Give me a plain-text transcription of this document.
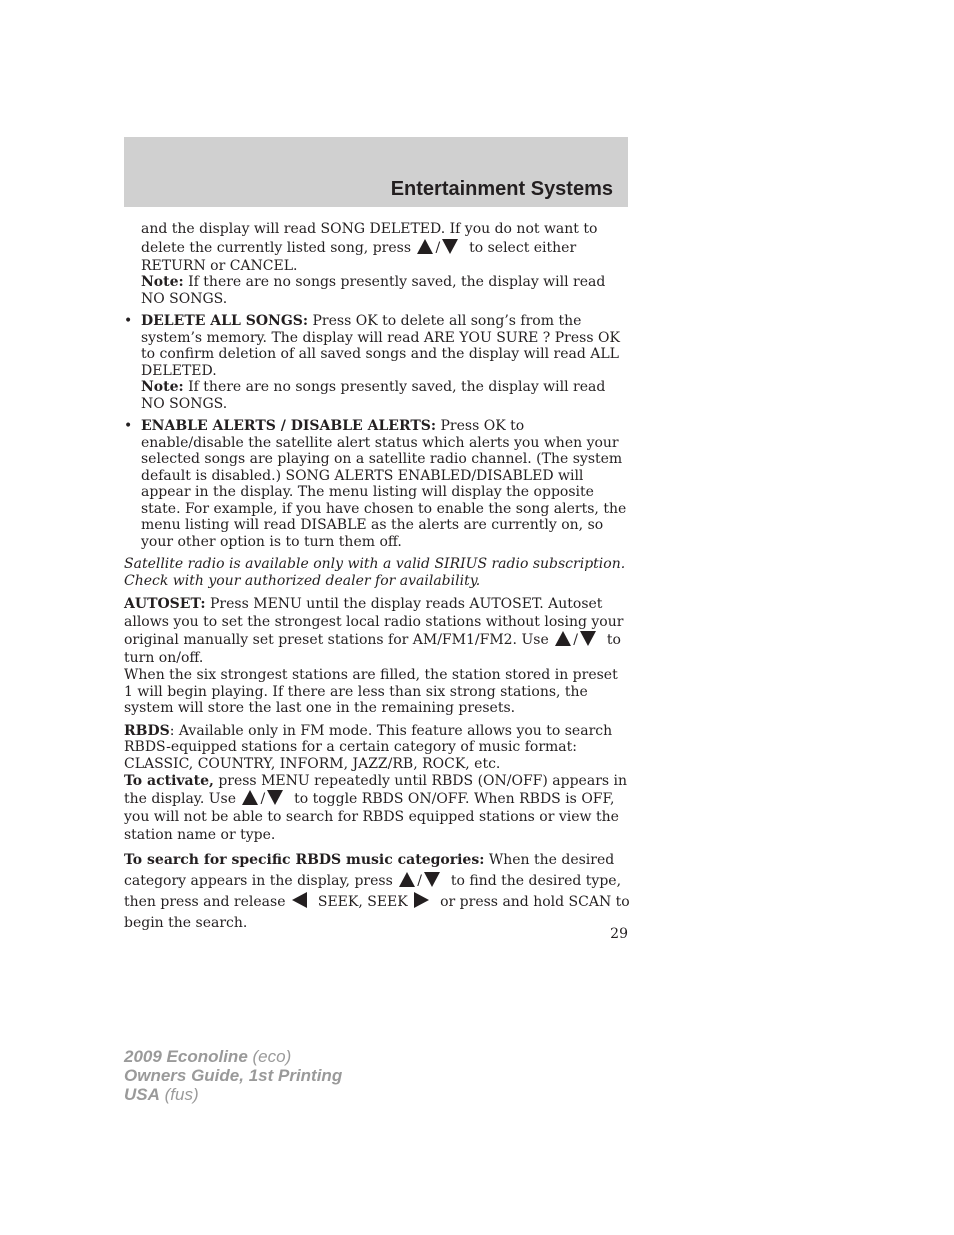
Entertainment Systems

and the display will read SONG DELETED. If you do not want to

delete the currently listed song, press / to select either

RETURN or CANCEL.

Note: If there are no songs presently saved, the display will read NO SONGS.

• DELETE ALL SONGS: Press OK to delete all song’s from the system’s memory. The display will read ARE YOU SURE ? Press OK to confirm deletion of all saved songs and the display will read ALL DELETED.

Note: If there are no songs presently saved, the display will read NO SONGS.

• ENABLE ALERTS / DISABLE ALERTS: Press OK to enable/disable the satellite alert status which alerts you when your selected songs are playing on a satellite radio channel. (The system default is disabled.) SONG ALERTS ENABLED/DISABLED will appear in the display. The menu listing will display the opposite state. For example, if you have chosen to enable the song alerts, the menu listing will read DISABLE as the alerts are currently on, so your other option is to turn them off.

Satellite radio is available only with a valid SIRIUS radio subscription. Check with your authorized dealer for availability.

AUTOSET: Press MENU until the display reads AUTOSET. Autoset allows you to set the strongest local radio stations without losing your original manually set preset stations for AM/FM1/FM2. Use / to turn on/off.

When the six strongest stations are filled, the station stored in preset 1 will begin playing. If there are less than six strong stations, the system will store the last one in the remaining presets.

RBDS: Available only in FM mode. This feature allows you to search RBDS-equipped stations for a certain category of music format: CLASSIC, COUNTRY, INFORM, JAZZ/RB, ROCK, etc.

To activate, press MENU repeatedly until RBDS (ON/OFF) appears in the display. Use / to toggle RBDS ON/OFF. When RBDS is OFF, you will not be able to search for RBDS equipped stations or view the station name or type.

To search for specific RBDS music categories: When the desired category appears in the display, press / to find the desired type, then press and release SEEK, SEEK or press and hold SCAN to begin the search.

29
2009 Econoline (eco)
Owners Guide, 1st Printing
USA (fus)
